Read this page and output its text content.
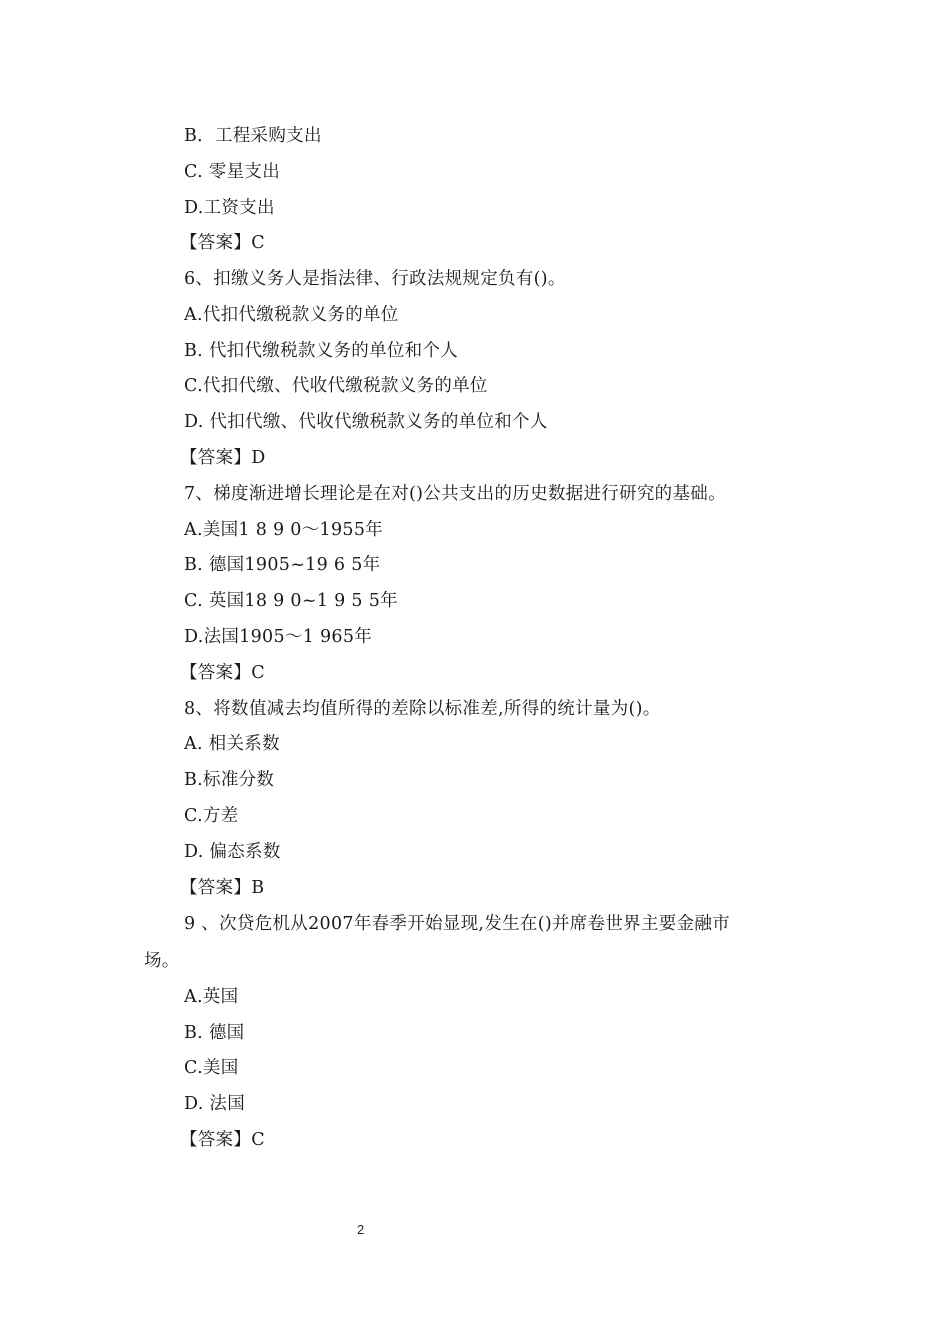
B．工程采购支出
C. 零星支出
D.工资支出
【答案】C
6、扣缴义务人是指法律、行政法规规定负有()。
A.代扣代缴税款义务的单位
B. 代扣代缴税款义务的单位和个人
C.代扣代缴、代收代缴税款义务的单位
D. 代扣代缴、代收代缴税款义务的单位和个人
【答案】D
7、梯度渐进增长理论是在对()公共支出的历史数据进行研究的基础。
A.美国1 8 9 0～1955年
B. 德国1905~19 6 5年
C. 英国18 9 0~1 9 5 5年
D.法国1905～1 965年
【答案】C
8、将数值减去均值所得的差除以标准差,所得的统计量为()。
A. 相关系数
B.标准分数
C.方差
D. 偏态系数
【答案】B
9 、次贷危机从2007年春季开始显现,发生在()并席卷世界主要金融市
场。
A.英国
B. 德国
C.美国
D. 法国
【答案】C
2
